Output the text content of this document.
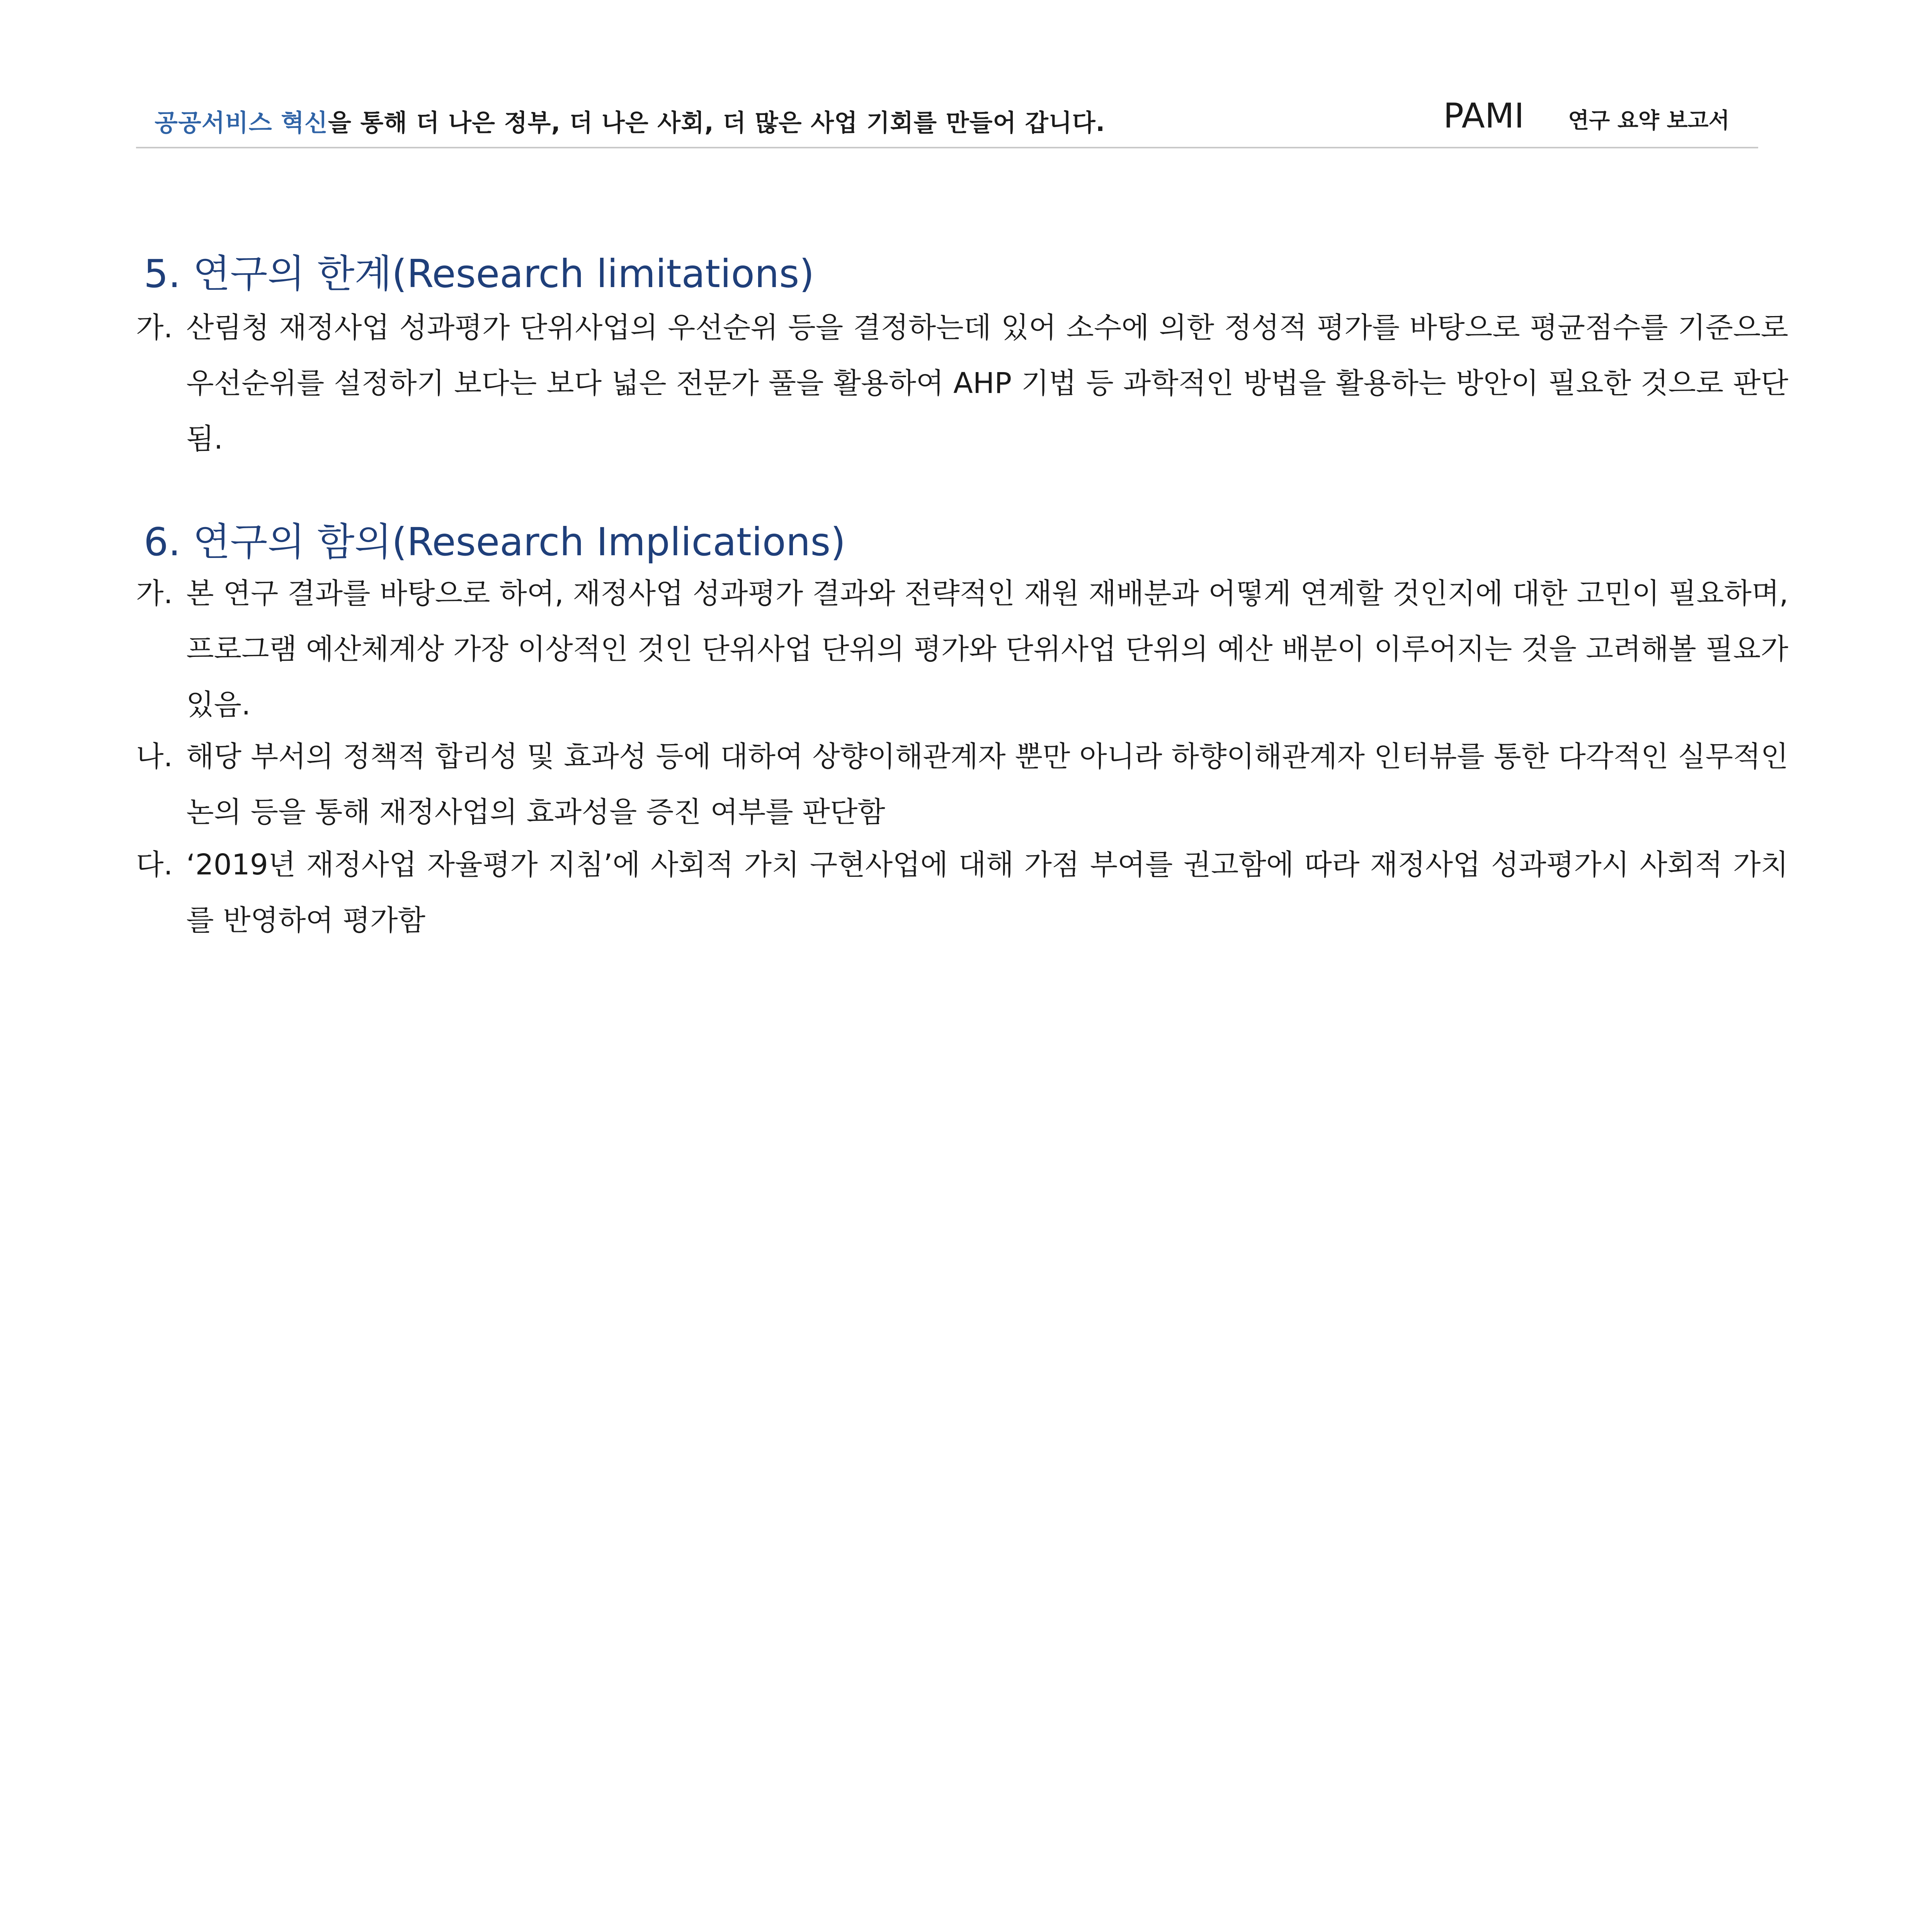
공공서비스 혁신을 통해 더 나은 정부, 더 나은 사회, 더 많은 사업 기회를 만들어 갑니다.	PAMI 연구 요약 보고서
5. 연구의 한계(Research limitations)
가. 산림청 재정사업 성과평가 단위사업의 우선순위 등을 결정하는데 있어 소수에 의한 정성적 평가를 바탕으로 평균점수를 기준으로 우선순위를 설정하기 보다는 보다 넓은 전문가 풀을 활용하여 AHP 기법 등 과학적인 방법을 활용하는 방안이 필요한 것으로 판단됨.
6. 연구의 함의(Research Implications)
가. 본 연구 결과를 바탕으로 하여, 재정사업 성과평가 결과와 전략적인 재원 재배분과 어떻게 연계할 것인지에 대한 고민이 필요하며, 프로그램 예산체계상 가장 이상적인 것인 단위사업 단위의 평가와 단위사업 단위의 예산 배분이 이루어지는 것을 고려해볼 필요가 있음.
나. 해당 부서의 정책적 합리성 및 효과성 등에 대하여 상향이해관계자 뿐만 아니라 하향이해관계자 인터뷰를 통한 다각적인 실무적인 논의 등을 통해 재정사업의 효과성을 증진 여부를 판단함
다. ‘2019년 재정사업 자율평가 지침’에 사회적 가치 구현사업에 대해 가점 부여를 권고함에 따라 재정사업 성과평가시 사회적 가치를 반영하여 평가함
